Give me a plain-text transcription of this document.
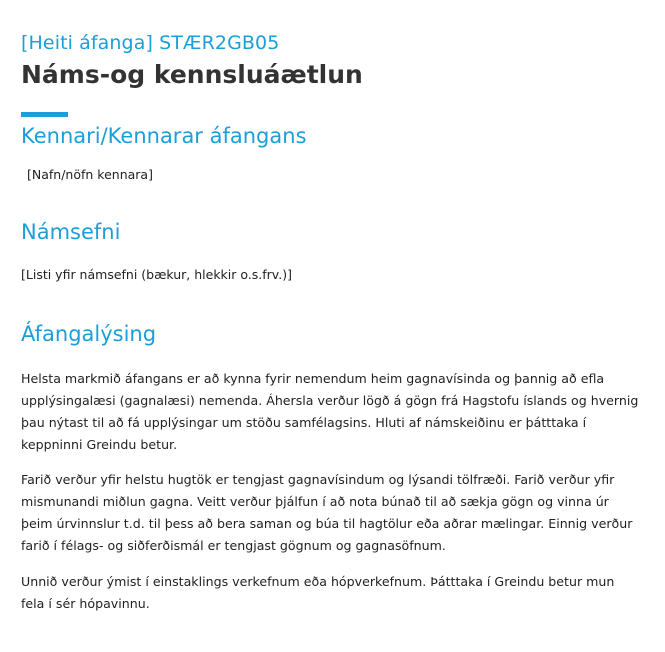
[Heiti áfanga] STÆR2GB05
Náms-og kennsluáætlun
Kennari/Kennarar áfangans
[Nafn/nöfn kennara]
Námsefni
[Listi yfir námsefni (bækur, hlekkir o.s.frv.)]
Áfangalýsing

Helsta markmið áfangans er að kynna fyrir nemendum heim gagnavísinda og þannig að efla upplýsingalæsi (gagnalæsi) nemenda. Áhersla verður lögð á gögn frá Hagstofu íslands og hvernig þau nýtast til að fá upplýsingar um stöðu samfélagsins. Hluti af námskeiðinu er þátttaka í keppninni Greindu betur.

Farið verður yfir helstu hugtök er tengjast gagnavísindum og lýsandi tölfræði. Farið verður yfir mismunandi miðlun gagna. Veitt verður þjálfun í að nota búnað til að sækja gögn og vinna úr þeim úrvinnslur t.d. til þess að bera saman og búa til hagtölur eða aðrar mælingar. Einnig verður farið í félags- og siðferðismál er tengjast gögnum og gagnasöfnum.

Unnið verður ýmist í einstaklings verkefnum eða hópverkefnum. Þátttaka í Greindu betur mun fela í sér hópavinnu.
